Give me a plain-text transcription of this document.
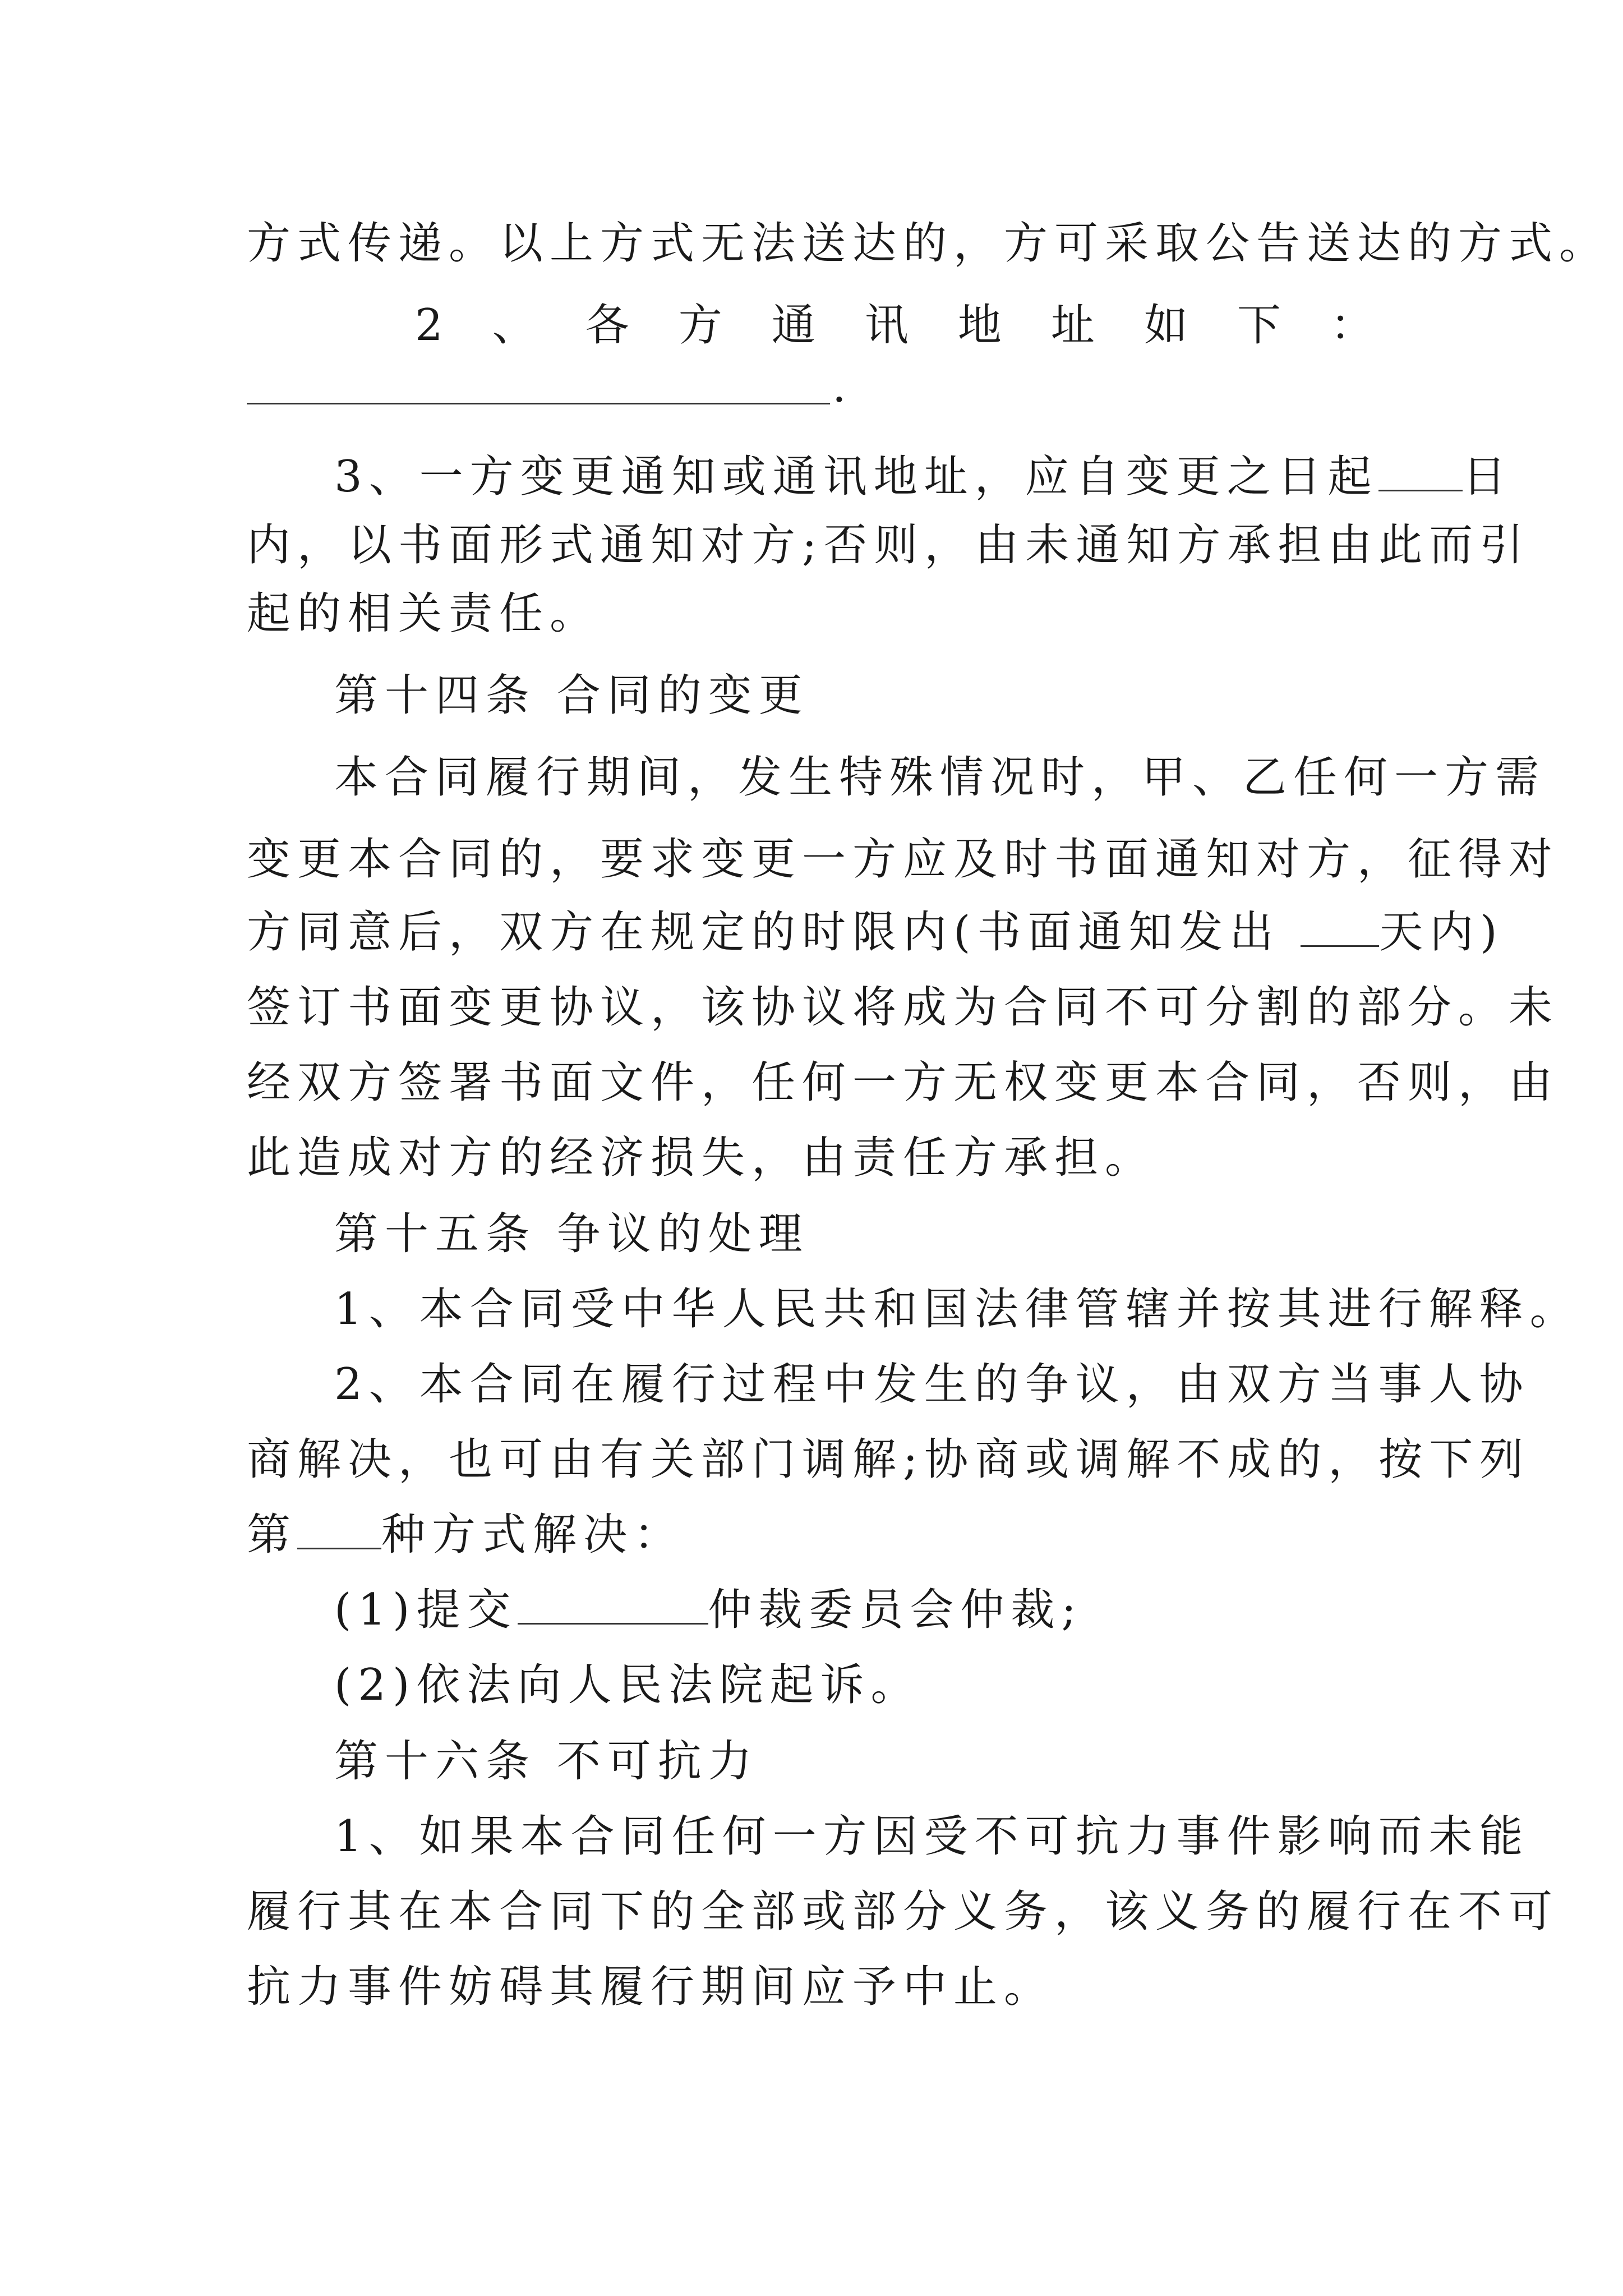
方式传递。以上方式无法送达的，方可采取公告送达的方式。
2 、 各 方 通 讯 地 址 如 下 ：
.
3、一方变更通知或通讯地址，应自变更之日起 日
内，以书面形式通知对方;否则，由未通知方承担由此而引
起的相关责任。
第十四条 合同的变更
本合同履行期间，发生特殊情况时，甲、乙任何一方需
变更本合同的，要求变更一方应及时书面通知对方，征得对
方同意后，双方在规定的时限内(书面通知发出 天内)
签订书面变更协议，该协议将成为合同不可分割的部分。未
经双方签署书面文件，任何一方无权变更本合同，否则，由
此造成对方的经济损失，由责任方承担。
第十五条 争议的处理
1、本合同受中华人民共和国法律管辖并按其进行解释。
2、本合同在履行过程中发生的争议，由双方当事人协
商解决，也可由有关部门调解;协商或调解不成的，按下列
第 种方式解决：
(1)提交	仲裁委员会仲裁;
(2)依法向人民法院起诉。
第十六条 不可抗力
1、如果本合同任何一方因受不可抗力事件影响而未能
履行其在本合同下的全部或部分义务，该义务的履行在不可
抗力事件妨碍其履行期间应予中止。
